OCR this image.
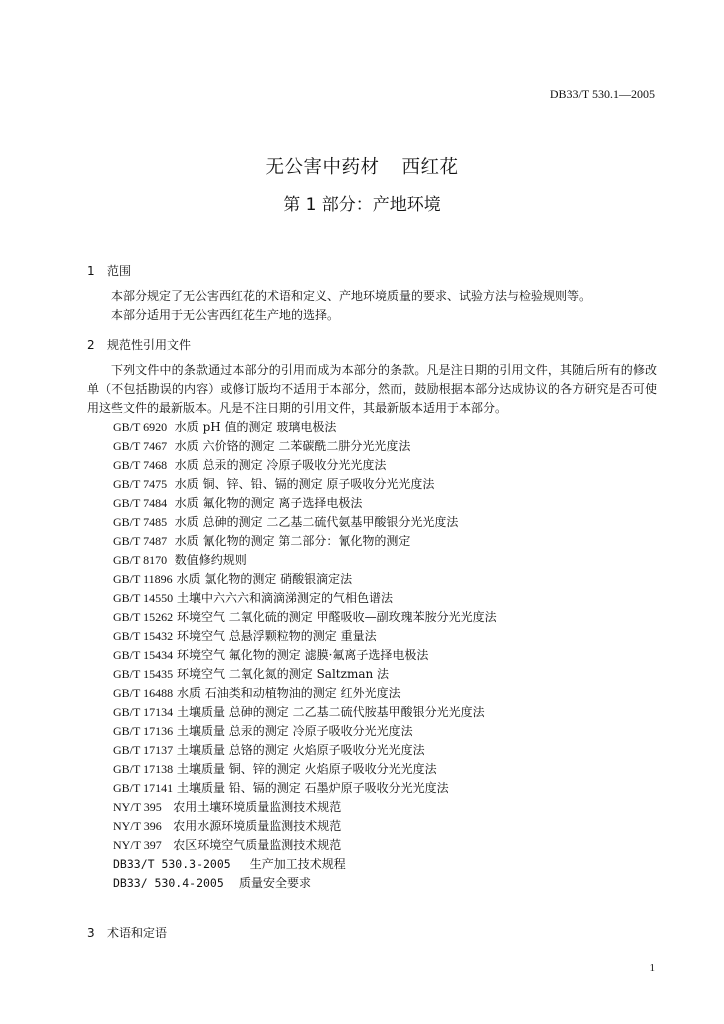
DB33/T 530.1—2005
无公害中药材 西红花
第 1 部分：产地环境
1 范围
本部分规定了无公害西红花的术语和定义、产地环境质量的要求、试验方法与检验规则等。
本部分适用于无公害西红花生产地的选择。
2 规范性引用文件
下列文件中的条款通过本部分的引用而成为本部分的条款。凡是注日期的引用文件，其随后所有的修改单（不包括勘误的内容）或修订版均不适用于本部分，然而，鼓励根据本部分达成协议的各方研究是否可使用这些文件的最新版本。凡是不注日期的引用文件，其最新版本适用于本部分。
GB/T 6920 水质 pH 值的测定 玻璃电极法
GB/T 7467 水质 六价铬的测定 二苯碳酰二肼分光光度法
GB/T 7468 水质 总汞的测定 冷原子吸收分光光度法
GB/T 7475 水质 铜、锌、铅、镉的测定 原子吸收分光光度法
GB/T 7484 水质 氟化物的测定 离子选择电极法
GB/T 7485 水质 总砷的测定 二乙基二硫代氨基甲酸银分光光度法
GB/T 7487 水质 氰化物的测定 第二部分：氰化物的测定
GB/T 8170 数值修约规则
GB/T 11896 水质 氯化物的测定 硝酸银滴定法
GB/T 14550 土壤中六六六和滴滴涕测定的气相色谱法
GB/T 15262 环境空气 二氧化硫的测定 甲醛吸收—副玫瑰苯胺分光光度法
GB/T 15432 环境空气 总悬浮颗粒物的测定 重量法
GB/T 15434 环境空气 氟化物的测定 滤膜·氟离子选择电极法
GB/T 15435 环境空气 二氧化氮的测定 Saltzman 法
GB/T 16488 水质 石油类和动植物油的测定 红外光度法
GB/T 17134 土壤质量 总砷的测定 二乙基二硫代胺基甲酸银分光光度法
GB/T 17136 土壤质量 总汞的测定 冷原子吸收分光光度法
GB/T 17137 土壤质量 总铬的测定 火焰原子吸收分光光度法
GB/T 17138 土壤质量 铜、锌的测定 火焰原子吸收分光光度法
GB/T 17141 土壤质量 铅、镉的测定 石墨炉原子吸收分光光度法
NY/T 395 农用土壤环境质量监测技术规范
NY/T 396 农用水源环境质量监测技术规范
NY/T 397 农区环境空气质量监测技术规范
DB33/T 530.3-2005 生产加工技术规程
DB33/ 530.4-2005 质量安全要求
3 术语和定语
1
